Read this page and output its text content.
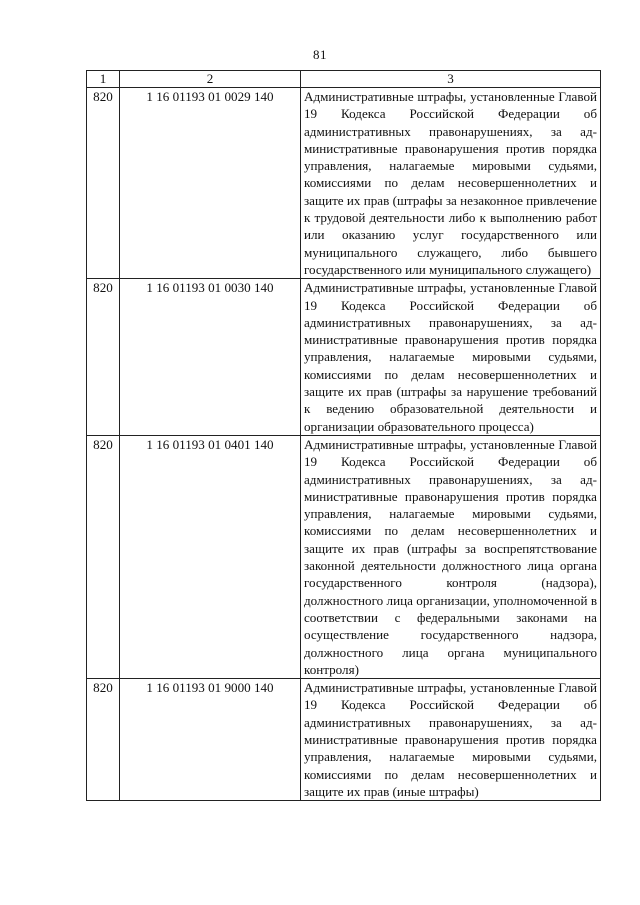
81
1	2	3
820	1 16 01193 01 0029 140	Административные штрафы, установленные Главой 19 Кодекса Российской Федерации об административных правонарушениях, за административные правонарушения против порядка управления, налагаемые мировыми судьями, комиссиями по делам несовершеннолетних и защите их прав (штрафы за незаконное привлечение к трудовой деятельности либо к выполнению работ или оказанию услуг государственного или муниципального служащего, либо бывшего государственного или муниципального служащего)
820	1 16 01193 01 0030 140	Административные штрафы, установленные Главой 19 Кодекса Российской Федерации об административных правонарушениях, за административные правонарушения против порядка управления, налагаемые мировыми судьями, комиссиями по делам несовершеннолетних и защите их прав (штрафы за нарушение требований к ведению образовательной деятельности и организации образовательного процесса)
820	1 16 01193 01 0401 140	Административные штрафы, установленные Главой 19 Кодекса Российской Федерации об административных правонарушениях, за административные правонарушения против порядка управления, налагаемые мировыми судьями, комиссиями по делам несовершеннолетних и защите их прав (штрафы за воспрепятствование законной деятельности должностного лица органа государственного контроля (надзора), должностного лица организации, уполномоченной в соответствии с федеральными законами на осуществление государственного надзора, должностного лица органа муниципального контроля)
820	1 16 01193 01 9000 140	Административные штрафы, установленные Главой 19 Кодекса Российской Федерации об административных правонарушениях, за административные правонарушения против порядка управления, налагаемые мировыми судьями, комиссиями по делам несовершеннолетних и защите их прав (иные штрафы)
